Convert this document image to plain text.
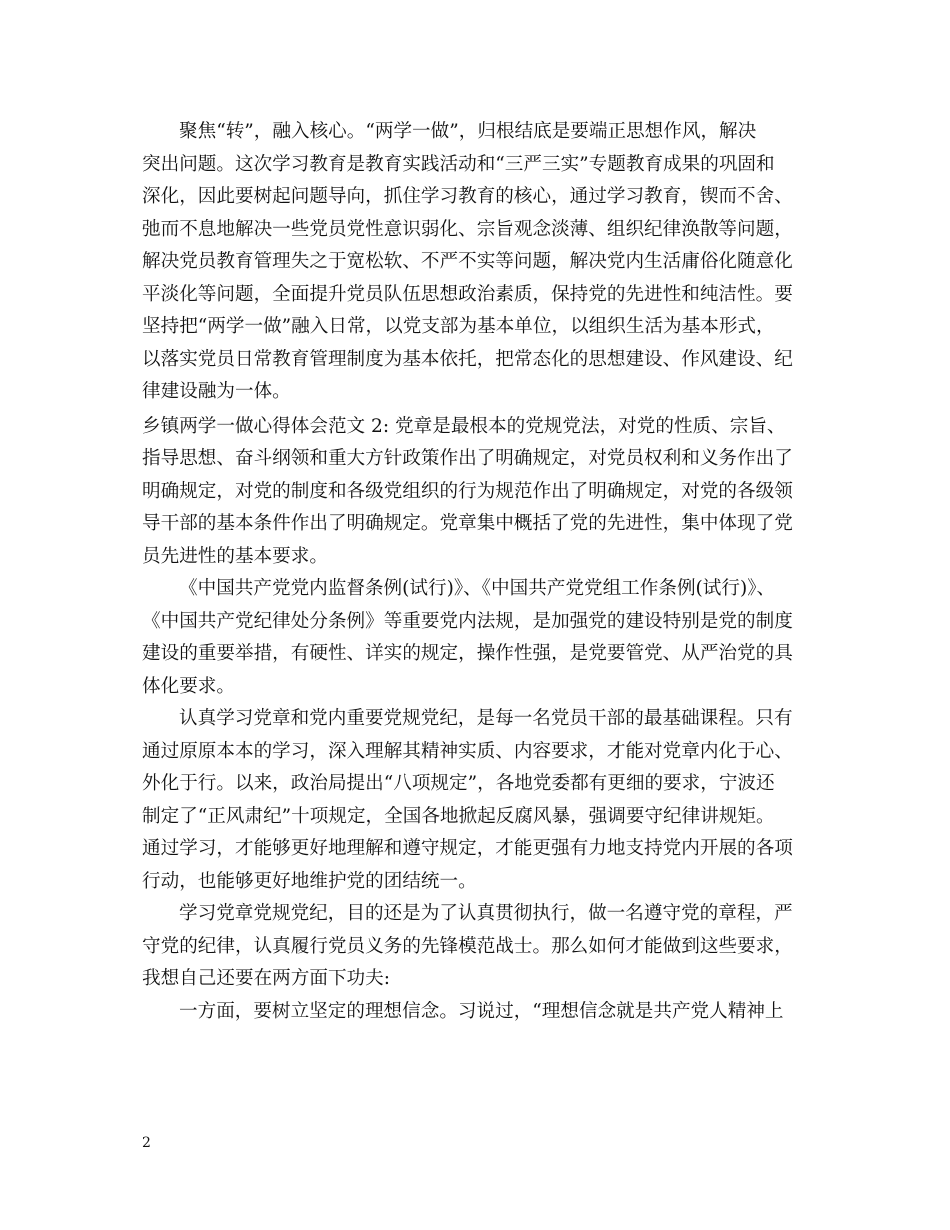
聚焦“转”，融入核心。“两学一做”，归根结底是要端正思想作风，解决
突出问题。这次学习教育是教育实践活动和“三严三实”专题教育成果的巩固和
深化，因此要树起问题导向，抓住学习教育的核心，通过学习教育，锲而不舍、
弛而不息地解决一些党员党性意识弱化、宗旨观念淡薄、组织纪律涣散等问题，
解决党员教育管理失之于宽松软、不严不实等问题，解决党内生活庸俗化随意化
平淡化等问题，全面提升党员队伍思想政治素质，保持党的先进性和纯洁性。要
坚持把“两学一做”融入日常，以党支部为基本单位，以组织生活为基本形式，
以落实党员日常教育管理制度为基本依托，把常态化的思想建设、作风建设、纪
律建设融为一体。
乡镇两学一做心得体会范文 2: 党章是最根本的党规党法，对党的性质、宗旨、
指导思想、奋斗纲领和重大方针政策作出了明确规定，对党员权利和义务作出了
明确规定，对党的制度和各级党组织的行为规范作出了明确规定，对党的各级领
导干部的基本条件作出了明确规定。党章集中概括了党的先进性，集中体现了党
员先进性的基本要求。
《中国共产党党内监督条例(试行)》、《中国共产党党组工作条例(试行)》、
《中国共产党纪律处分条例》等重要党内法规，是加强党的建设特别是党的制度
建设的重要举措，有硬性、详实的规定，操作性强，是党要管党、从严治党的具
体化要求。
认真学习党章和党内重要党规党纪，是每一名党员干部的最基础课程。只有
通过原原本本的学习，深入理解其精神实质、内容要求，才能对党章内化于心、
外化于行。以来，政治局提出“八项规定”，各地党委都有更细的要求，宁波还
制定了“正风肃纪”十项规定，全国各地掀起反腐风暴，强调要守纪律讲规矩。
通过学习，才能够更好地理解和遵守规定，才能更强有力地支持党内开展的各项
行动，也能够更好地维护党的团结统一。
学习党章党规党纪，目的还是为了认真贯彻执行，做一名遵守党的章程，严
守党的纪律，认真履行党员义务的先锋模范战士。那么如何才能做到这些要求，
我想自己还要在两方面下功夫:
一方面，要树立坚定的理想信念。习说过，“理想信念就是共产党人精神上
2
